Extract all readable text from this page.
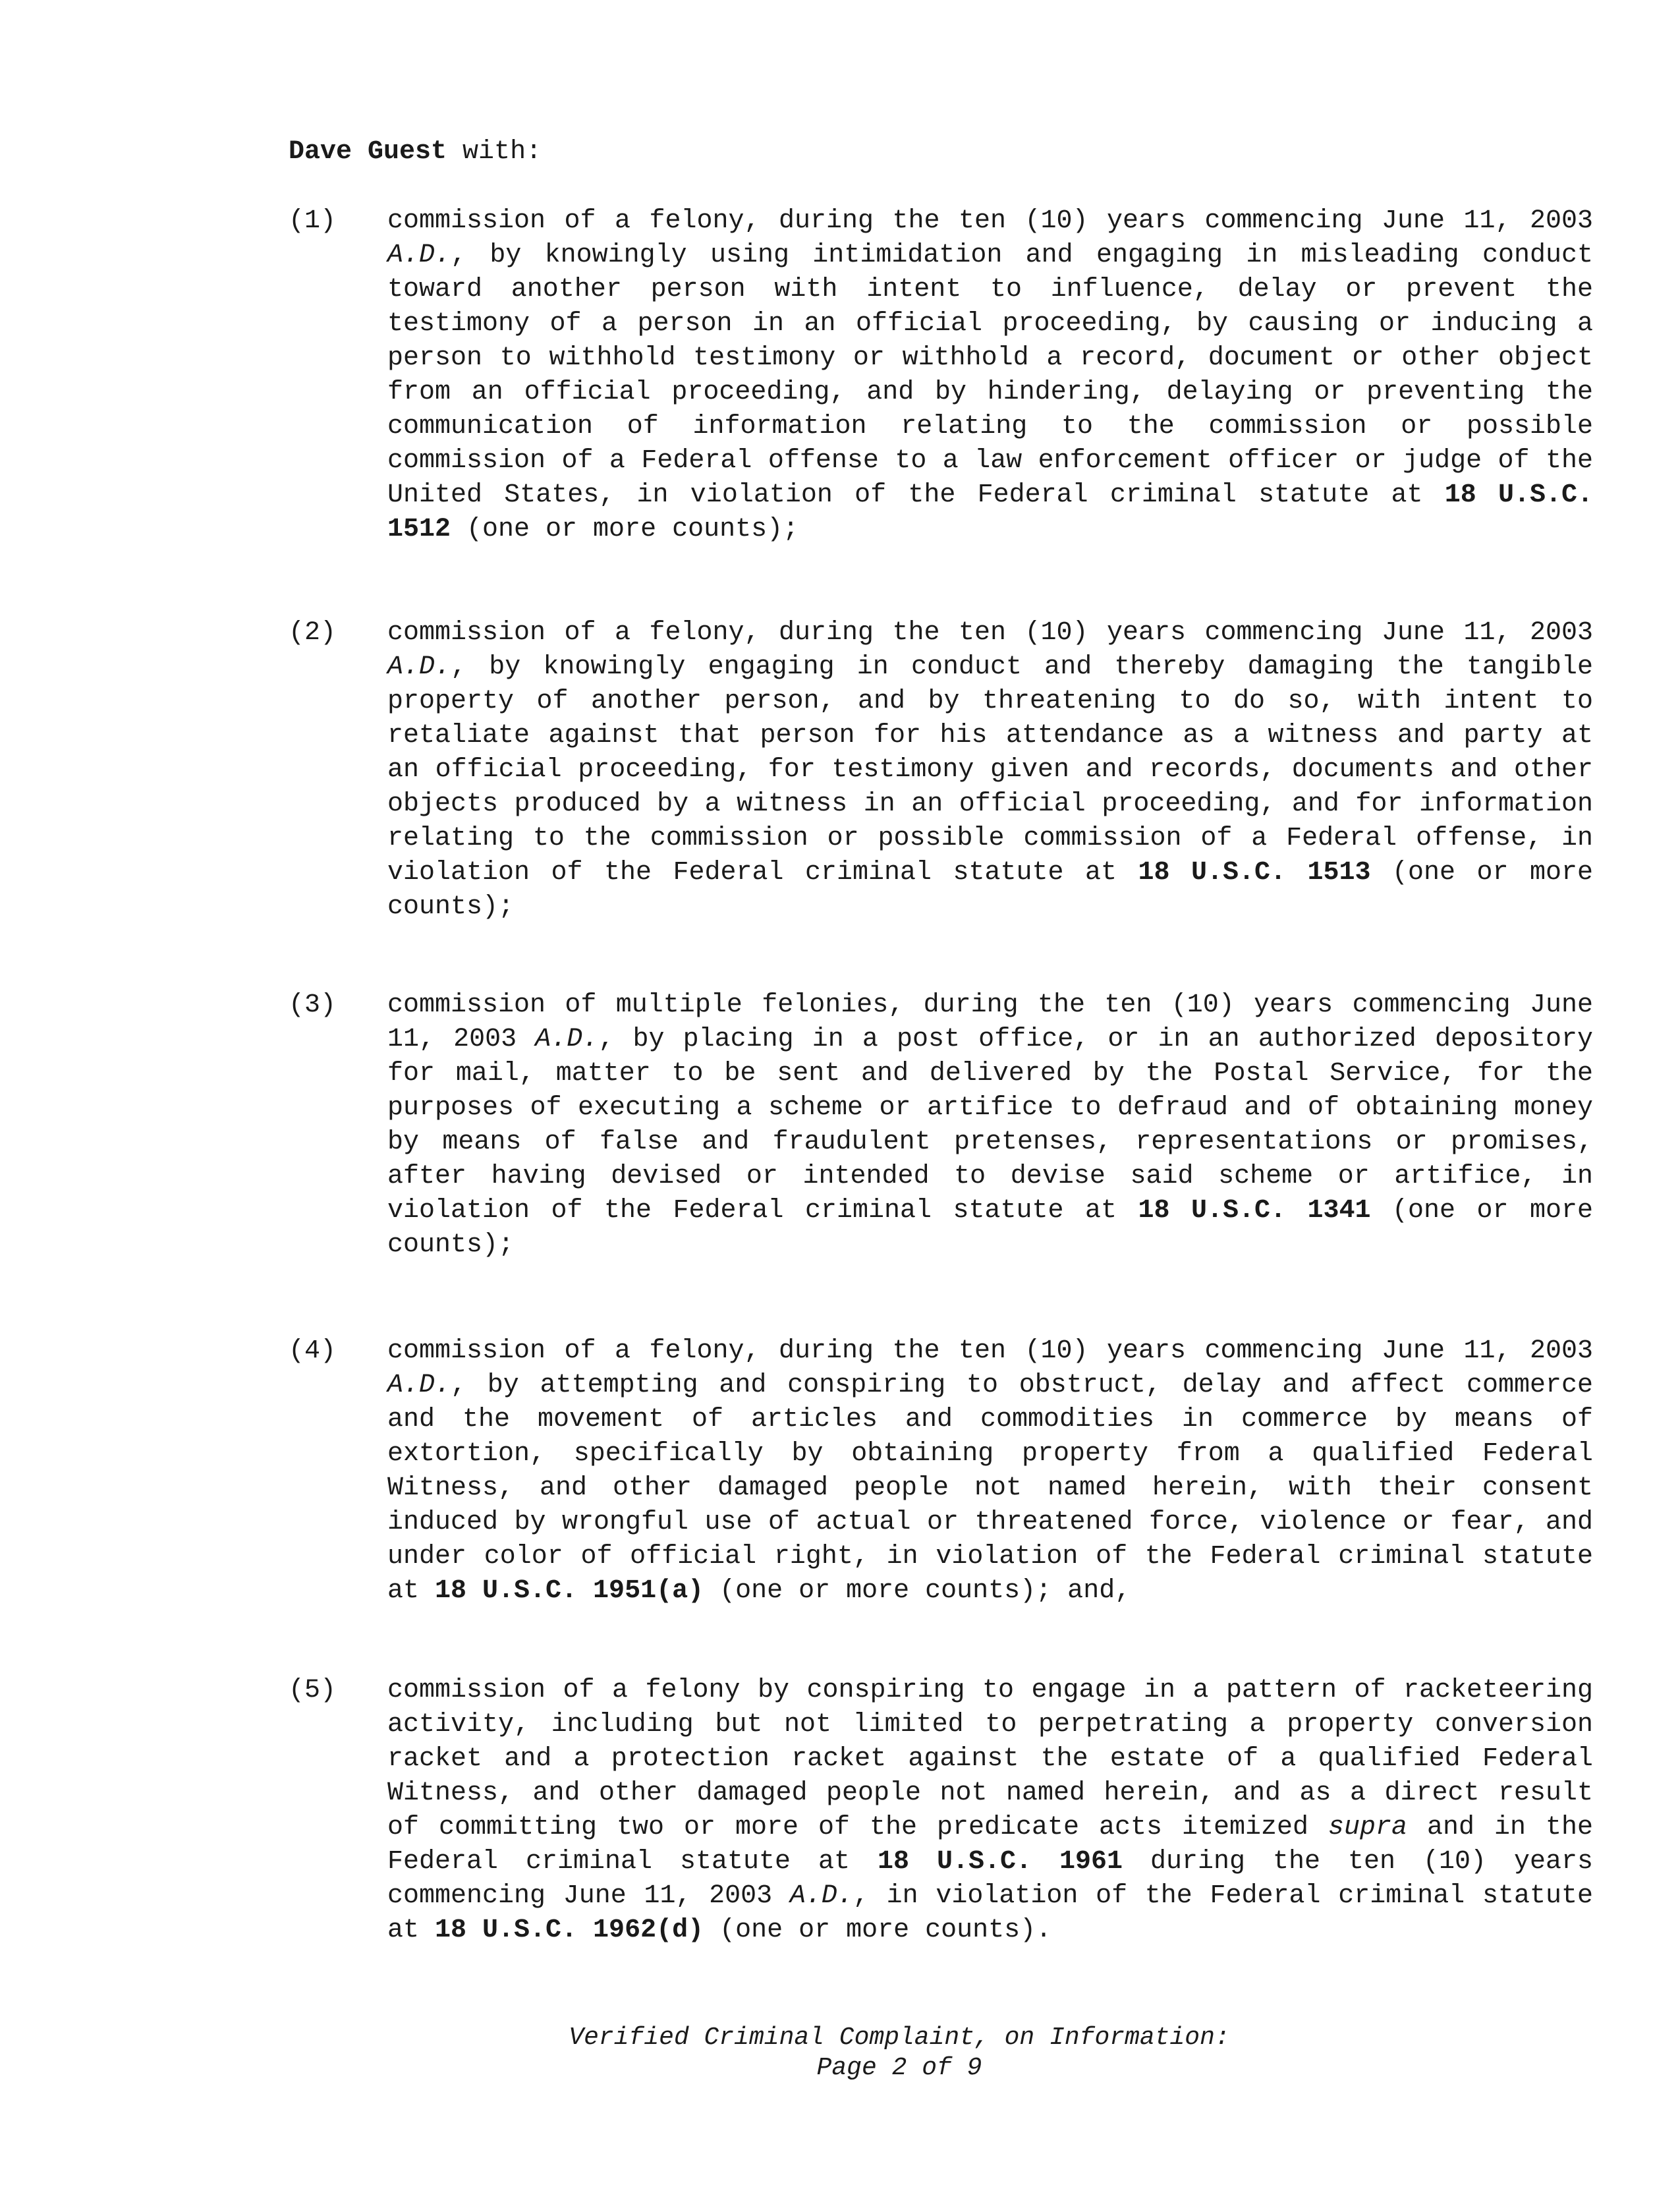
Dave Guest with:
(1)	commission of a felony, during the ten (10) years commencing June 11, 2003 A.D., by knowingly using intimidation and engaging in misleading conduct toward another person with intent to influence, delay or prevent the testimony of a person in an official proceeding, by causing or inducing a person to withhold testimony or withhold a record, document or other object from an official proceeding, and by hindering, delaying or preventing the communication of information relating to the commission or possible commission of a Federal offense to a law enforcement officer or judge of the United States, in violation of the Federal criminal statute at 18 U.S.C. 1512 (one or more counts);
(2)	commission of a felony, during the ten (10) years commencing June 11, 2003 A.D., by knowingly engaging in conduct and thereby damaging the tangible property of another person, and by threatening to do so, with intent to retaliate against that person for his attendance as a witness and party at an official proceeding, for testimony given and records, documents and other objects produced by a witness in an official proceeding, and for information relating to the commission or possible commission of a Federal offense, in violation of the Federal criminal statute at 18 U.S.C. 1513 (one or more counts);
(3)	commission of multiple felonies, during the ten (10) years commencing June 11, 2003 A.D., by placing in a post office, or in an authorized depository for mail, matter to be sent and delivered by the Postal Service, for the purposes of executing a scheme or artifice to defraud and of obtaining money by means of false and fraudulent pretenses, representations or promises, after having devised or intended to devise said scheme or artifice, in violation of the Federal criminal statute at 18 U.S.C. 1341 (one or more counts);
(4)	commission of a felony, during the ten (10) years commencing June 11, 2003 A.D., by attempting and conspiring to obstruct, delay and affect commerce and the movement of articles and commodities in commerce by means of extortion, specifically by obtaining property from a qualified Federal Witness, and other damaged people not named herein, with their consent induced by wrongful use of actual or threatened force, violence or fear, and under color of official right, in violation of the Federal criminal statute at 18 U.S.C. 1951(a) (one or more counts); and,
(5)	commission of a felony by conspiring to engage in a pattern of racketeering activity, including but not limited to perpetrating a property conversion racket and a protection racket against the estate of a qualified Federal Witness, and other damaged people not named herein, and as a direct result of committing two or more of the predicate acts itemized supra and in the Federal criminal statute at 18 U.S.C. 1961 during the ten (10) years commencing June 11, 2003 A.D., in violation of the Federal criminal statute at 18 U.S.C. 1962(d) (one or more counts).
Verified Criminal Complaint, on Information:
Page 2 of 9
